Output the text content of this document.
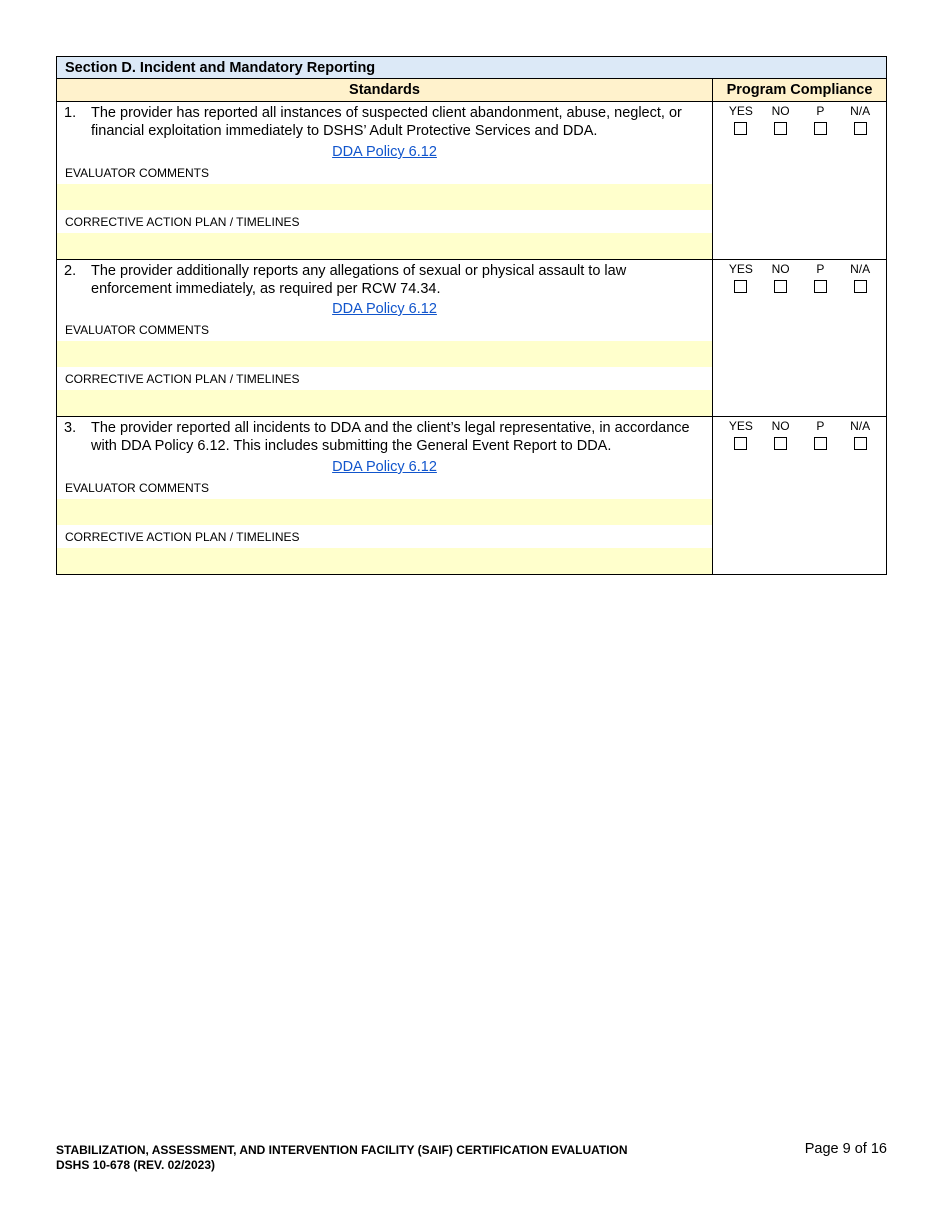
Section D. Incident and Mandatory Reporting
Standards	Program Compliance
1.	The provider has reported all instances of suspected client abandonment, abuse, neglect, or financial exploitation immediately to DSHS’ Adult Protective Services and DDA.
DDA Policy 6.12
EVALUATOR COMMENTS
CORRECTIVE ACTION PLAN / TIMELINES
YES NO P N/A
2.	The provider additionally reports any allegations of sexual or physical assault to law enforcement immediately, as required per RCW 74.34.
DDA Policy 6.12
EVALUATOR COMMENTS
CORRECTIVE ACTION PLAN / TIMELINES
YES NO P N/A
3.	The provider reported all incidents to DDA and the client’s legal representative, in accordance with DDA Policy 6.12. This includes submitting the General Event Report to DDA.
DDA Policy 6.12
EVALUATOR COMMENTS
CORRECTIVE ACTION PLAN / TIMELINES
YES NO P N/A
STABILIZATION, ASSESSMENT, AND INTERVENTION FACILITY (SAIF) CERTIFICATION EVALUATION
DSHS 10-678 (REV. 02/2023)
Page 9 of 16
